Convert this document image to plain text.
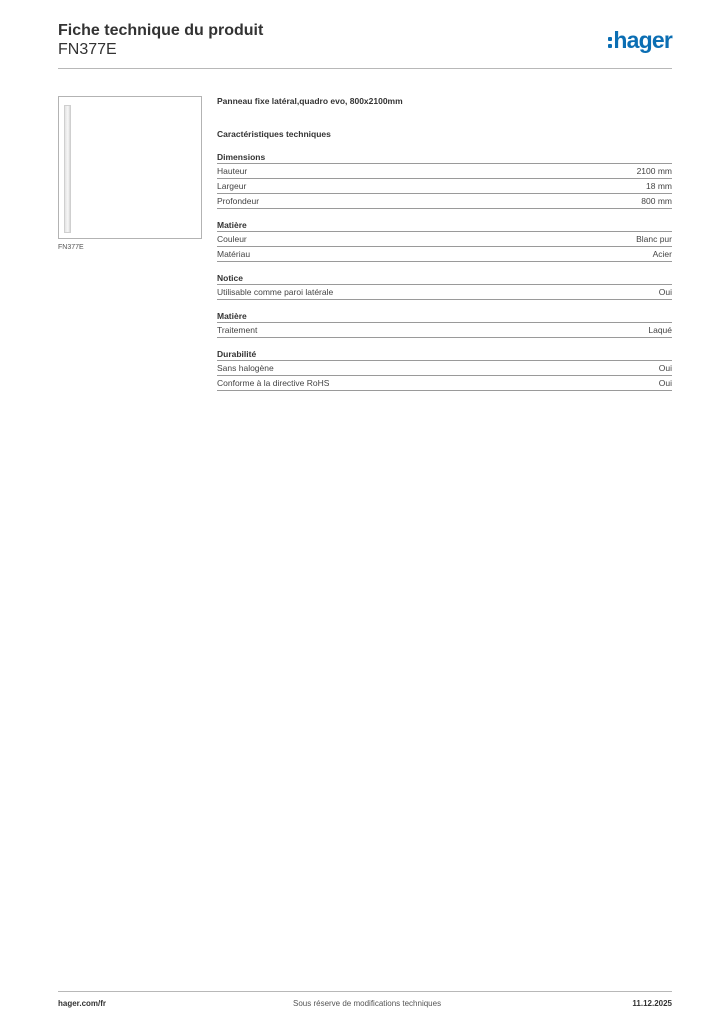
Fiche technique du produit
FN377E	hager
FN377E
Panneau fixe latéral,quadro evo, 800x2100mm
Caractéristiques techniques
Dimensions
Hauteur	2100 mm
Largeur	18 mm
Profondeur	800 mm
Matière
Couleur	Blanc pur
Matériau	Acier
Notice
Utilisable comme paroi latérale	Oui
Matière
Traitement	Laqué
Durabilité
Sans halogène	Oui
Conforme à la directive RoHS	Oui
hager.com/fr	Sous réserve de modifications techniques	11.12.2025
